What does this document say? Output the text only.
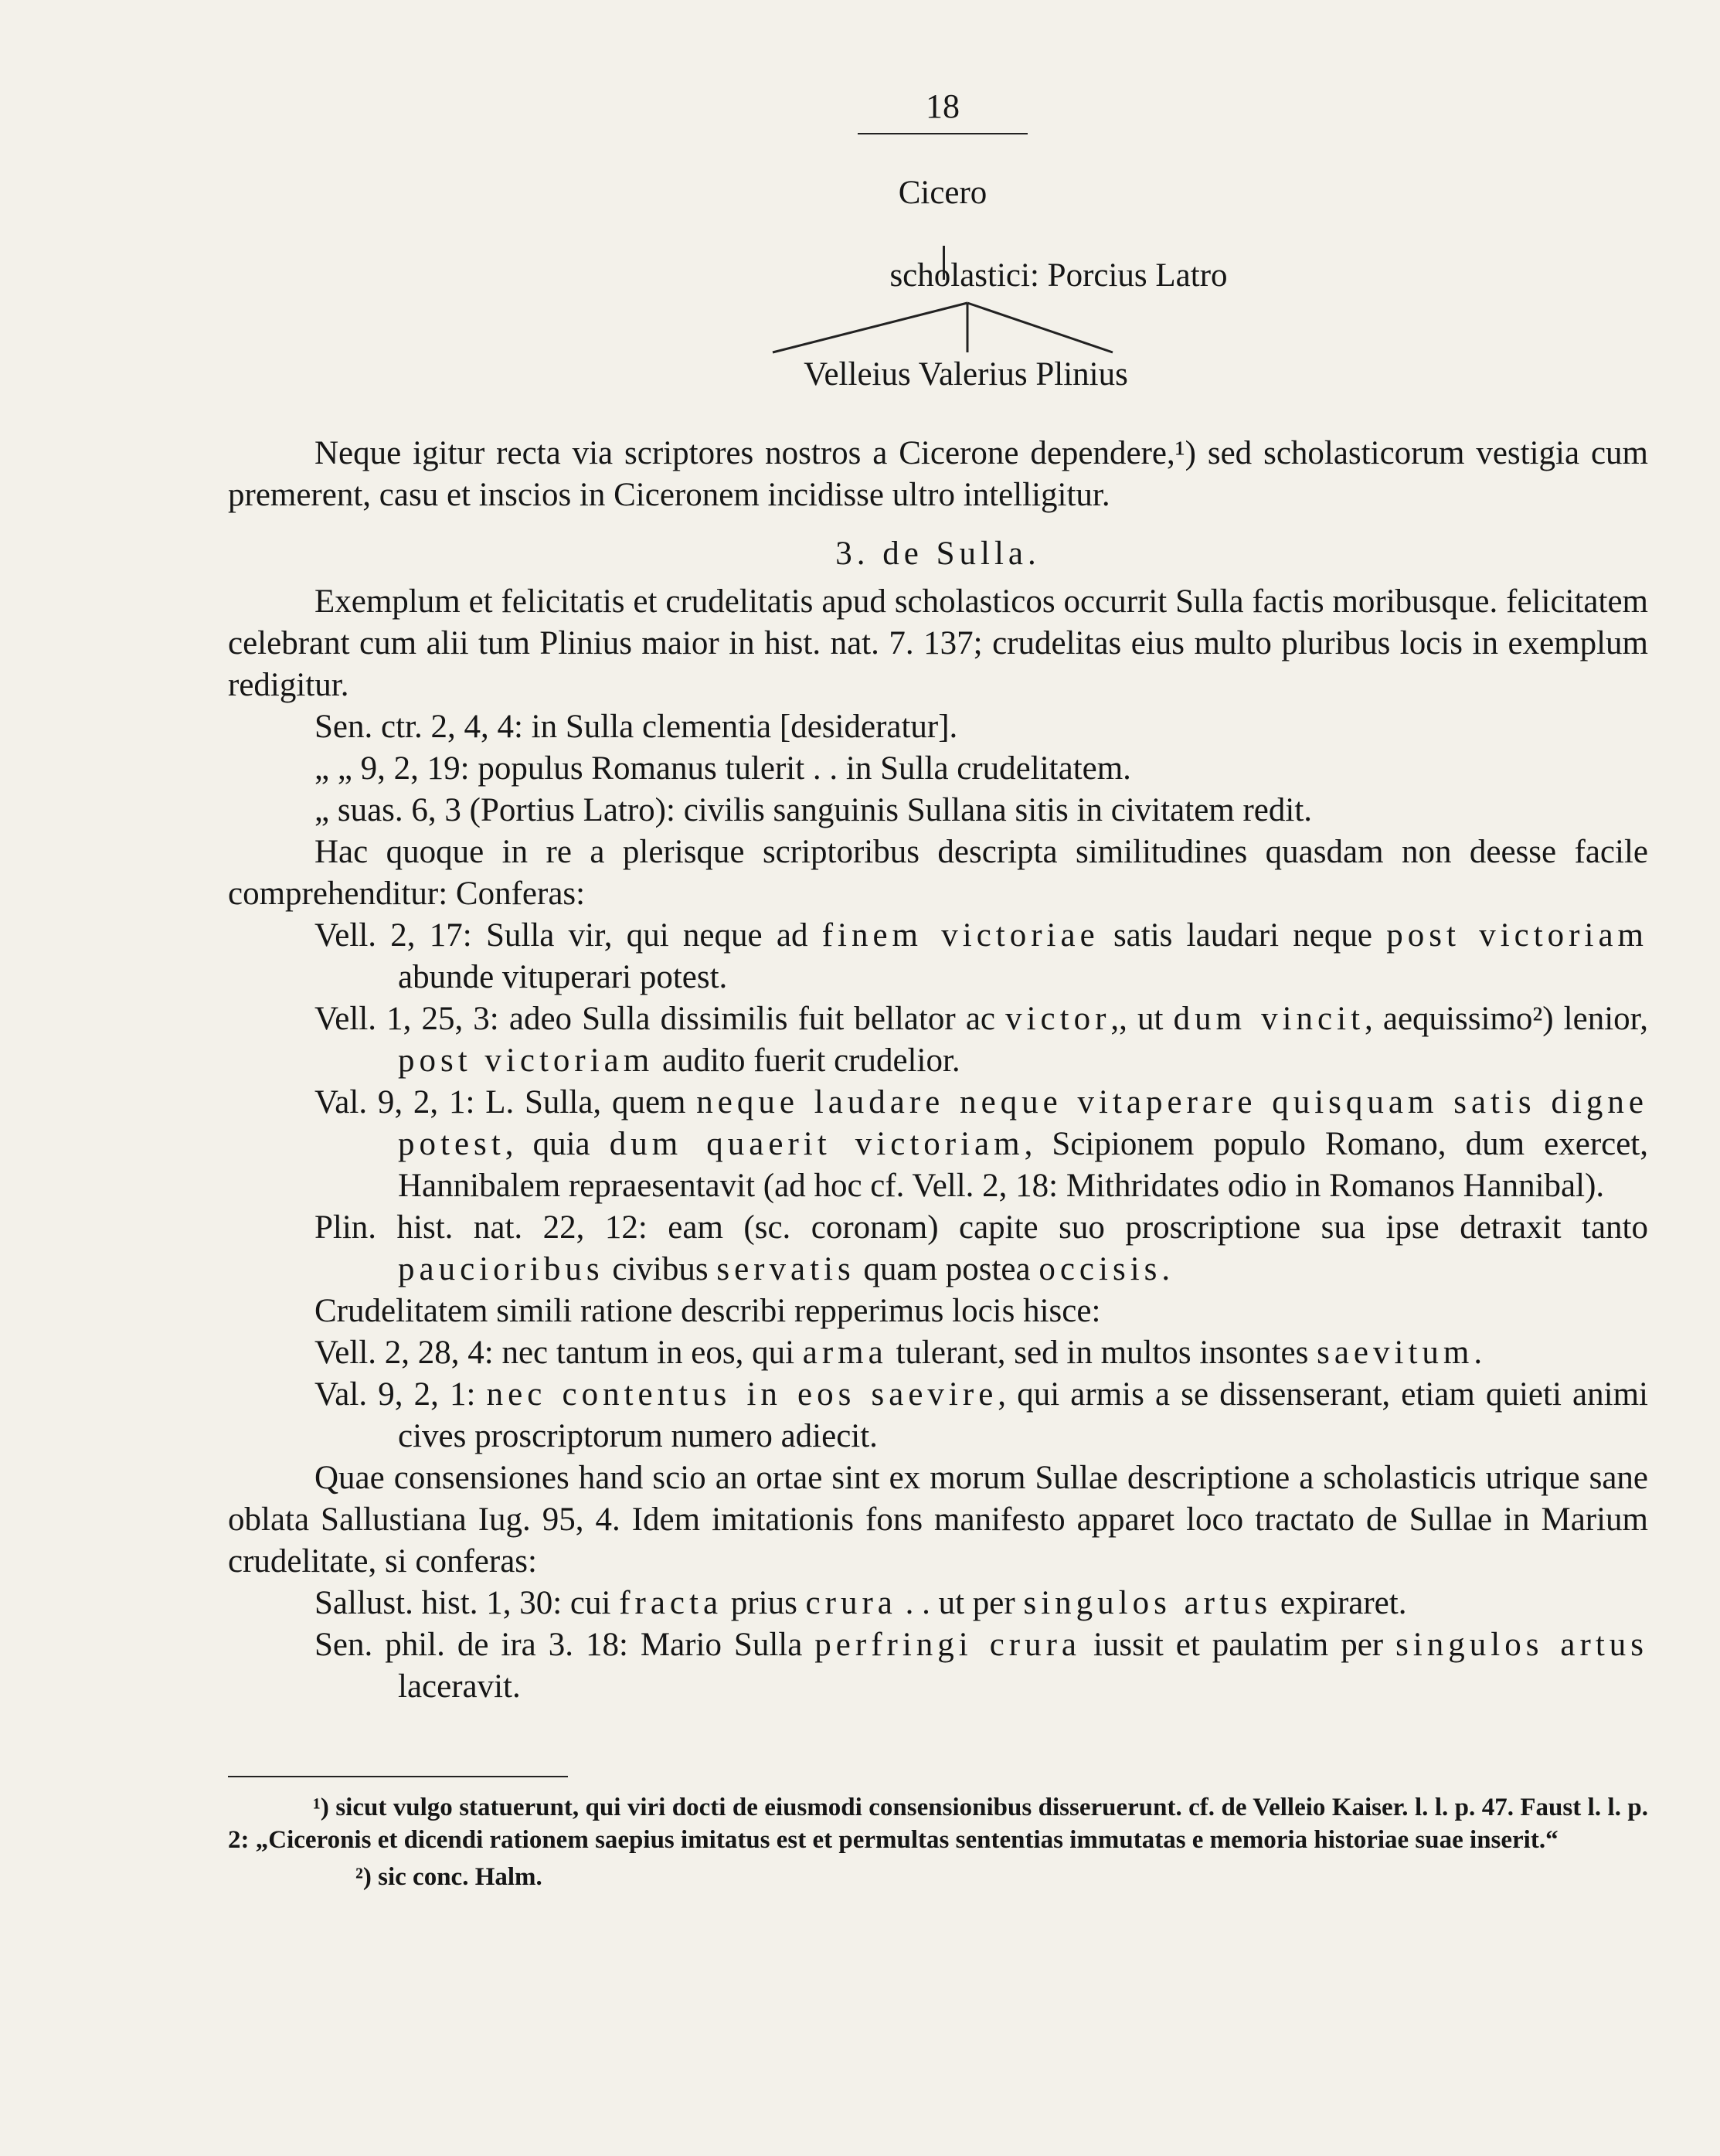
18
Cicero
scholastici: Porcius Latro
Velleius Valerius Plinius
Neque igitur recta via scriptores nostros a Cicerone dependere,¹) sed scholasticorum vestigia cum premerent, casu et inscios in Ciceronem incidisse ultro intelligitur.
3. de Sulla.
Exemplum et felicitatis et crudelitatis apud scholasticos occurrit Sulla factis moribusque. felicitatem celebrant cum alii tum Plinius maior in hist. nat. 7. 137; crudelitas eius multo pluribus locis in exemplum redigitur.
Sen. ctr. 2, 4, 4: in Sulla clementia [desideratur].
„ „ 9, 2, 19: populus Romanus tulerit . . in Sulla crudelitatem.
„ suas. 6, 3 (Portius Latro): civilis sanguinis Sullana sitis in civitatem redit.
Hac quoque in re a plerisque scriptoribus descripta similitudines quasdam non deesse facile comprehenditur: Conferas:
Vell. 2, 17: Sulla vir, qui neque ad finem victoriae satis laudari neque post victoriam abunde vituperari potest.
Vell. 1, 25, 3: adeo Sulla dissimilis fuit bellator ac victor,, ut dum vincit, aequissimo²) lenior, post victoriam audito fuerit crudelior.
Val. 9, 2, 1: L. Sulla, quem neque laudare neque vitaperare quisquam satis digne potest, quia dum quaerit victoriam, Scipionem populo Romano, dum exercet, Hannibalem repraesentavit (ad hoc cf. Vell. 2, 18: Mithridates odio in Romanos Hannibal).
Plin. hist. nat. 22, 12: eam (sc. coronam) capite suo proscriptione sua ipse detraxit tanto paucioribus civibus servatis quam postea occisis.
Crudelitatem simili ratione describi repperimus locis hisce:
Vell. 2, 28, 4: nec tantum in eos, qui arma tulerant, sed in multos insontes saevitum.
Val. 9, 2, 1: nec contentus in eos saevire, qui armis a se dissenserant, etiam quieti animi cives proscriptorum numero adiecit.
Quae consensiones hand scio an ortae sint ex morum Sullae descriptione a scholasticis utrique sane oblata Sallustiana Iug. 95, 4. Idem imitationis fons manifesto apparet loco tractato de Sullae in Marium crudelitate, si conferas:
Sallust. hist. 1, 30: cui fracta prius crura . . ut per singulos artus expiraret.
Sen. phil. de ira 3. 18: Mario Sulla perfringi crura iussit et paulatim per singulos artus laceravit.
¹) sicut vulgo statuerunt, qui viri docti de eiusmodi consensionibus disseruerunt. cf. de Velleio Kaiser. l. l. p. 47. Faust l. l. p. 2: „Ciceronis et dicendi rationem saepius imitatus est et permultas sententias immutatas e memoria historiae suae inserit.“
²) sic conc. Halm.
